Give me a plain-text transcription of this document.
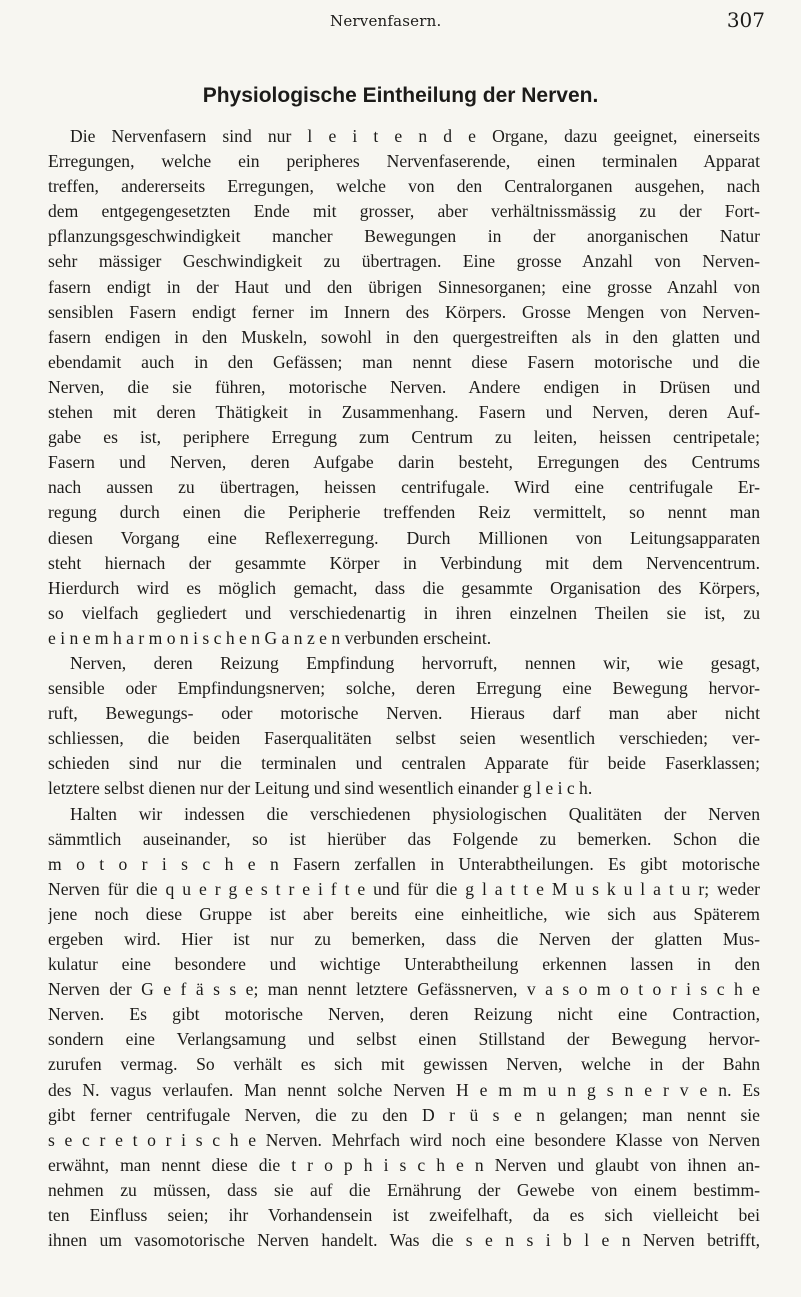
Nervenfasern.	307
Physiologische Eintheilung der Nerven.
Die Nervenfasern sind nur l e i t e n d e Organe, dazu geeignet, einerseits
Erregungen, welche ein peripheres Nervenfaserende, einen terminalen Apparat
treffen, andererseits Erregungen, welche von den Centralorganen ausgehen, nach
dem entgegengesetzten Ende mit grosser, aber verhältnissmässig zu der Fort-
pflanzungsgeschwindigkeit mancher Bewegungen in der anorganischen Natur
sehr mässiger Geschwindigkeit zu übertragen. Eine grosse Anzahl von Nerven-
fasern endigt in der Haut und den übrigen Sinnesorganen; eine grosse Anzahl von
sensiblen Fasern endigt ferner im Innern des Körpers. Grosse Mengen von Nerven-
fasern endigen in den Muskeln, sowohl in den quergestreiften als in den glatten und
ebendamit auch in den Gefässen; man nennt diese Fasern motorische und die
Nerven, die sie führen, motorische Nerven. Andere endigen in Drüsen und
stehen mit deren Thätigkeit in Zusammenhang. Fasern und Nerven, deren Auf-
gabe es ist, periphere Erregung zum Centrum zu leiten, heissen centripetale;
Fasern und Nerven, deren Aufgabe darin besteht, Erregungen des Centrums
nach aussen zu übertragen, heissen centrifugale. Wird eine centrifugale Er-
regung durch einen die Peripherie treffenden Reiz vermittelt, so nennt man
diesen Vorgang eine Reflexerregung. Durch Millionen von Leitungsapparaten
steht hiernach der gesammte Körper in Verbindung mit dem Nervencentrum.
Hierdurch wird es möglich gemacht, dass die gesammte Organisation des Körpers,
so vielfach gegliedert und verschiedenartig in ihren einzelnen Theilen sie ist, zu
e i n e m h a r m o n i s c h e n G a n z e n verbunden erscheint.
Nerven, deren Reizung Empfindung hervorruft, nennen wir, wie gesagt,
sensible oder Empfindungsnerven; solche, deren Erregung eine Bewegung hervor-
ruft, Bewegungs- oder motorische Nerven. Hieraus darf man aber nicht
schliessen, die beiden Faserqualitäten selbst seien wesentlich verschieden; ver-
schieden sind nur die terminalen und centralen Apparate für beide Faserklassen;
letztere selbst dienen nur der Leitung und sind wesentlich einander g l e i c h.
Halten wir indessen die verschiedenen physiologischen Qualitäten der Nerven
sämmtlich auseinander, so ist hierüber das Folgende zu bemerken. Schon die
m o t o r i s c h e n Fasern zerfallen in Unterabtheilungen. Es gibt motorische
Nerven für die q u e r g e s t r e i f t e und für die g l a t t e M u s k u l a t u r; weder
jene noch diese Gruppe ist aber bereits eine einheitliche, wie sich aus Späterem
ergeben wird. Hier ist nur zu bemerken, dass die Nerven der glatten Mus-
kulatur eine besondere und wichtige Unterabtheilung erkennen lassen in den
Nerven der G e f ä s s e; man nennt letztere Gefässnerven, v a s o m o t o r i s c h e
Nerven. Es gibt motorische Nerven, deren Reizung nicht eine Contraction,
sondern eine Verlangsamung und selbst einen Stillstand der Bewegung hervor-
zurufen vermag. So verhält es sich mit gewissen Nerven, welche in der Bahn
des N. vagus verlaufen. Man nennt solche Nerven H e m m u n g s n e r v e n. Es
gibt ferner centrifugale Nerven, die zu den D r ü s e n gelangen; man nennt sie
s e c r e t o r i s c h e Nerven. Mehrfach wird noch eine besondere Klasse von Nerven
erwähnt, man nennt diese die t r o p h i s c h e n Nerven und glaubt von ihnen an-
nehmen zu müssen, dass sie auf die Ernährung der Gewebe von einem bestimm-
ten Einfluss seien; ihr Vorhandensein ist zweifelhaft, da es sich vielleicht bei
ihnen um vasomotorische Nerven handelt. Was die s e n s i b l e n Nerven betrifft,
